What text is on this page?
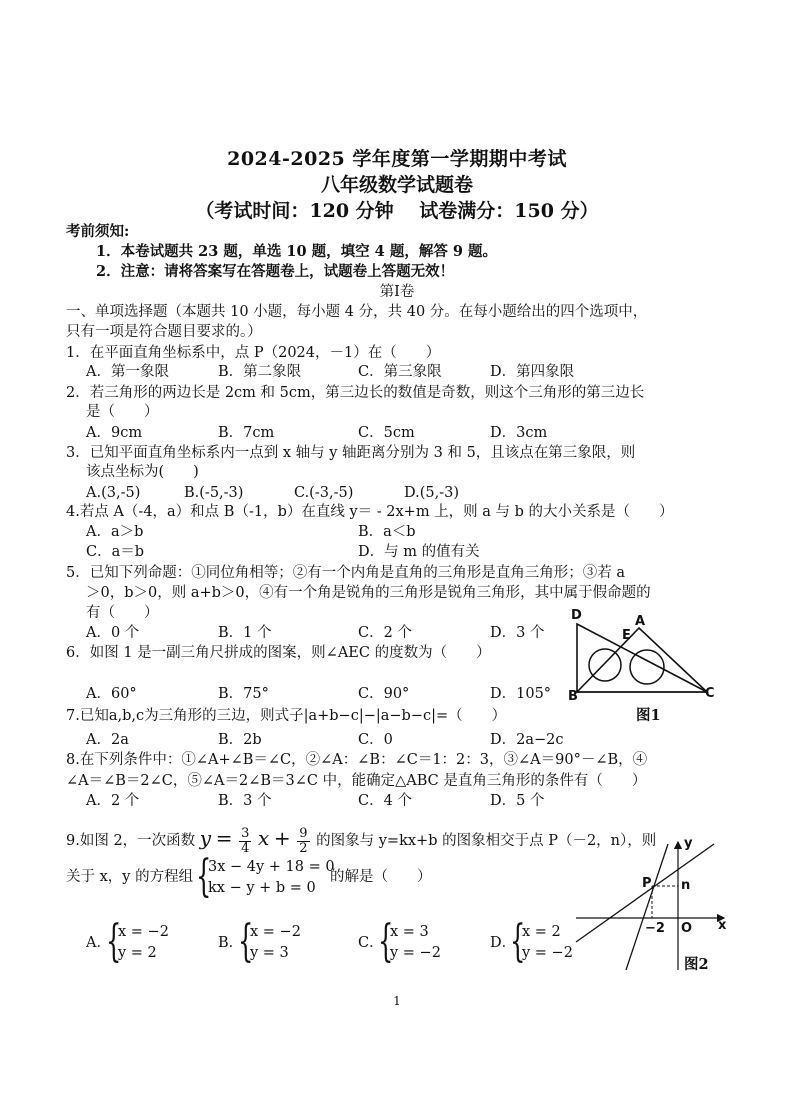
2024-2025 学年度第一学期期中考试
八年级数学试题卷
（考试时间：120 分钟　 试卷满分：150 分）
考前须知:
1．本卷试题共 23 题，单选 10 题，填空 4 题，解答 9 题。
2．注意：请将答案写在答题卷上，试题卷上答题无效！
第Ⅰ卷
一、单项选择题（本题共 10 小题，每小题 4 分，共 40 分。在每小题给出的四个选项中，
只有一项是符合题目要求的。）
1．在平面直角坐标系中，点 P（2024，－1）在（　　）
A．第一象限	B．第二象限	C．第三象限	D．第四象限
2．若三角形的两边长是 2cm 和 5cm，第三边长的数值是奇数，则这个三角形的第三边长
是（　　）
A．9cm	B．7cm	C．5cm	D．3cm
3．已知平面直角坐标系内一点到 x 轴与 y 轴距离分别为 3 和 5，且该点在第三象限，则
该点坐标为(　　)
A.(3,-5)	B.(-5,-3)	C.(-3,-5)	D.(5,-3)
4.若点 A（-4，a）和点 B（-1，b）在直线 y＝ - 2x+m 上，则 a 与 b 的大小关系是（　　）
A．a＞b	B．a＜b
C．a＝b	D．与 m 的值有关
5．已知下列命题：①同位角相等；②有一个内角是直角的三角形是直角三角形；③若 a
＞0，b＞0，则 a+b＞0，④有一个角是锐角的三角形是锐角三角形，其中属于假命题的
有（　　）
A．0 个	B．1 个	C．2 个	D．3 个
6．如图 1 是一副三角尺拼成的图案，则∠AEC 的度数为（　　）
A．60°	B．75°	C．90°	D．105°
D
E
A
B	C
图1
7.已知a,b,c为三角形的三边，则式子|a+b−c|−|a−b−c|=（　　）
A．2a	B．2b	C．0	D．2a−2c
8.在下列条件中：①∠A+∠B＝∠C，②∠A：∠B：∠C＝1：2：3，③∠A＝90°－∠B，④
∠A＝∠B＝2∠C，⑤∠A＝2∠B＝3∠C 中，能确定△ABC 是直角三角形的条件有（　　）
A．2 个	B．3 个	C．4 个	D．5 个
9.如图 2，一次函数 $y = \frac{3}{4}$ $x + \frac{9}{2}$ 的图象与 y=kx+b 的图象相交于点 P（－2，n），则
关于 x，y 的方程组 {
3x − 4y + 18 = 0
kx − y + b = 0
的解是（　　）
A．
{
x = −2
y = 2
B．
{
x = −2
y = 3
C．
{
x = 3
y = −2
D．
{
x = 2
y = −2
P n
−2 O x
y
图2
1
